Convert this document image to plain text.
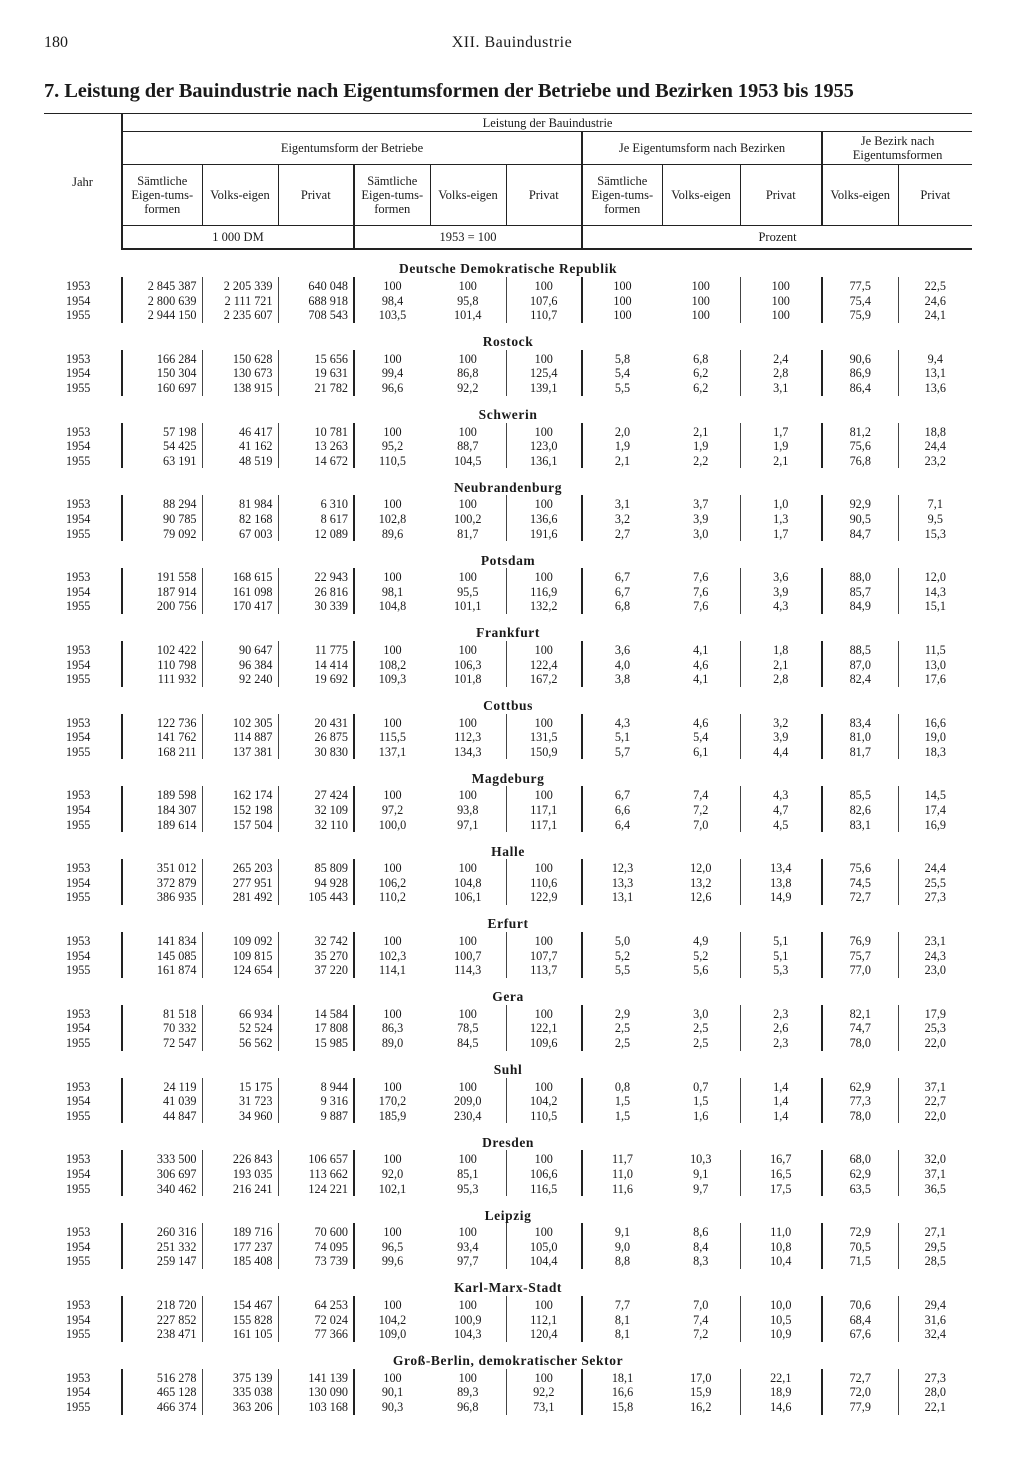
180	XII. Bauindustrie
7. Leistung der Bauindustrie nach Eigentumsformen der Betriebe und Bezirken 1953 bis 1955
Jahr	Leistung der Bauindustrie										
	Eigentumsform der Betriebe						Je Eigentumsform nach Bezirken			Je Bezirk nach Eigentumsformen	
	Sämtliche Eigen-tums-formen	Volks-eigen	Privat	Sämtliche Eigen-tums-formen	Volks-eigen	Privat	Sämtliche Eigen-tums-formen	Volks-eigen	Privat	Volks-eigen	Privat
	1 000 DM			1953 = 100			Prozent				
Deutsche Demokratische Republik											
1953	2 845 387	2 205 339	640 048	100	100	100	100	100	100	77,5	22,5
1954	2 800 639	2 111 721	688 918	98,4	95,8	107,6	100	100	100	75,4	24,6
1955	2 944 150	2 235 607	708 543	103,5	101,4	110,7	100	100	100	75,9	24,1
Rostock											
1953	166 284	150 628	15 656	100	100	100	5,8	6,8	2,4	90,6	9,4
1954	150 304	130 673	19 631	99,4	86,8	125,4	5,4	6,2	2,8	86,9	13,1
1955	160 697	138 915	21 782	96,6	92,2	139,1	5,5	6,2	3,1	86,4	13,6
Schwerin											
1953	57 198	46 417	10 781	100	100	100	2,0	2,1	1,7	81,2	18,8
1954	54 425	41 162	13 263	95,2	88,7	123,0	1,9	1,9	1,9	75,6	24,4
1955	63 191	48 519	14 672	110,5	104,5	136,1	2,1	2,2	2,1	76,8	23,2
Neubrandenburg											
1953	88 294	81 984	6 310	100	100	100	3,1	3,7	1,0	92,9	7,1
1954	90 785	82 168	8 617	102,8	100,2	136,6	3,2	3,9	1,3	90,5	9,5
1955	79 092	67 003	12 089	89,6	81,7	191,6	2,7	3,0	1,7	84,7	15,3
Potsdam											
1953	191 558	168 615	22 943	100	100	100	6,7	7,6	3,6	88,0	12,0
1954	187 914	161 098	26 816	98,1	95,5	116,9	6,7	7,6	3,9	85,7	14,3
1955	200 756	170 417	30 339	104,8	101,1	132,2	6,8	7,6	4,3	84,9	15,1
Frankfurt											
1953	102 422	90 647	11 775	100	100	100	3,6	4,1	1,8	88,5	11,5
1954	110 798	96 384	14 414	108,2	106,3	122,4	4,0	4,6	2,1	87,0	13,0
1955	111 932	92 240	19 692	109,3	101,8	167,2	3,8	4,1	2,8	82,4	17,6
Cottbus											
1953	122 736	102 305	20 431	100	100	100	4,3	4,6	3,2	83,4	16,6
1954	141 762	114 887	26 875	115,5	112,3	131,5	5,1	5,4	3,9	81,0	19,0
1955	168 211	137 381	30 830	137,1	134,3	150,9	5,7	6,1	4,4	81,7	18,3
Magdeburg											
1953	189 598	162 174	27 424	100	100	100	6,7	7,4	4,3	85,5	14,5
1954	184 307	152 198	32 109	97,2	93,8	117,1	6,6	7,2	4,7	82,6	17,4
1955	189 614	157 504	32 110	100,0	97,1	117,1	6,4	7,0	4,5	83,1	16,9
Halle											
1953	351 012	265 203	85 809	100	100	100	12,3	12,0	13,4	75,6	24,4
1954	372 879	277 951	94 928	106,2	104,8	110,6	13,3	13,2	13,8	74,5	25,5
1955	386 935	281 492	105 443	110,2	106,1	122,9	13,1	12,6	14,9	72,7	27,3
Erfurt											
1953	141 834	109 092	32 742	100	100	100	5,0	4,9	5,1	76,9	23,1
1954	145 085	109 815	35 270	102,3	100,7	107,7	5,2	5,2	5,1	75,7	24,3
1955	161 874	124 654	37 220	114,1	114,3	113,7	5,5	5,6	5,3	77,0	23,0
Gera											
1953	81 518	66 934	14 584	100	100	100	2,9	3,0	2,3	82,1	17,9
1954	70 332	52 524	17 808	86,3	78,5	122,1	2,5	2,5	2,6	74,7	25,3
1955	72 547	56 562	15 985	89,0	84,5	109,6	2,5	2,5	2,3	78,0	22,0
Suhl											
1953	24 119	15 175	8 944	100	100	100	0,8	0,7	1,4	62,9	37,1
1954	41 039	31 723	9 316	170,2	209,0	104,2	1,5	1,5	1,4	77,3	22,7
1955	44 847	34 960	9 887	185,9	230,4	110,5	1,5	1,6	1,4	78,0	22,0
Dresden											
1953	333 500	226 843	106 657	100	100	100	11,7	10,3	16,7	68,0	32,0
1954	306 697	193 035	113 662	92,0	85,1	106,6	11,0	9,1	16,5	62,9	37,1
1955	340 462	216 241	124 221	102,1	95,3	116,5	11,6	9,7	17,5	63,5	36,5
Leipzig											
1953	260 316	189 716	70 600	100	100	100	9,1	8,6	11,0	72,9	27,1
1954	251 332	177 237	74 095	96,5	93,4	105,0	9,0	8,4	10,8	70,5	29,5
1955	259 147	185 408	73 739	99,6	97,7	104,4	8,8	8,3	10,4	71,5	28,5
Karl-Marx-Stadt											
1953	218 720	154 467	64 253	100	100	100	7,7	7,0	10,0	70,6	29,4
1954	227 852	155 828	72 024	104,2	100,9	112,1	8,1	7,4	10,5	68,4	31,6
1955	238 471	161 105	77 366	109,0	104,3	120,4	8,1	7,2	10,9	67,6	32,4
Groß-Berlin, demokratischer Sektor											
1953	516 278	375 139	141 139	100	100	100	18,1	17,0	22,1	72,7	27,3
1954	465 128	335 038	130 090	90,1	89,3	92,2	16,6	15,9	18,9	72,0	28,0
1955	466 374	363 206	103 168	90,3	96,8	73,1	15,8	16,2	14,6	77,9	22,1
